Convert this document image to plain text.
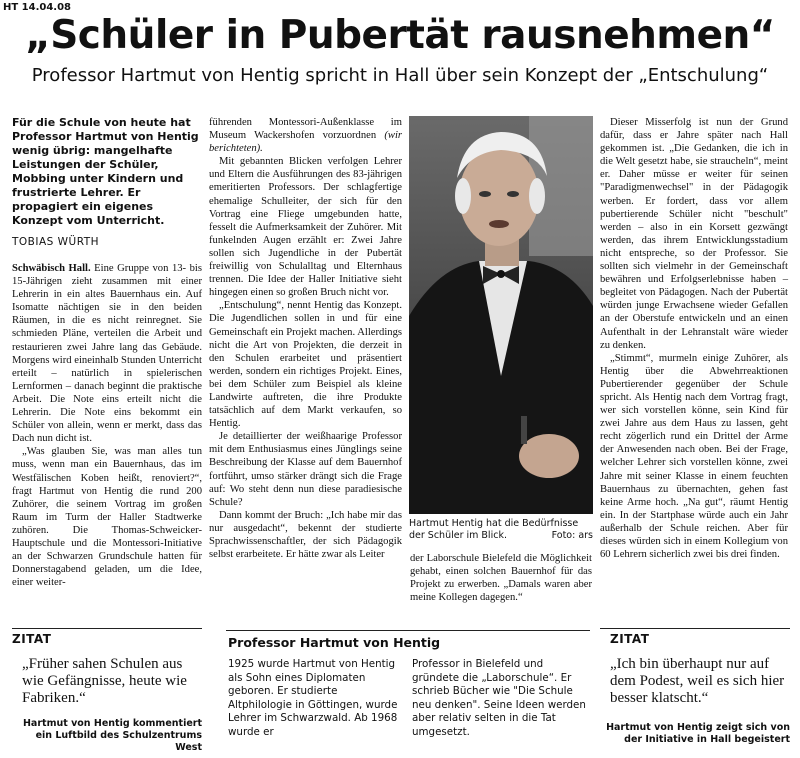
HT 14.04.08
„Schüler in Pubertät rausnehmen“
Professor Hartmut von Hentig spricht in Hall über sein Konzept der „Entschulung“
Für die Schule von heute hat Professor Hartmut von Hentig wenig übrig: mangelhafte Leistungen der Schüler, Mobbing unter Kindern und frustrierte Lehrer. Er propagiert ein eigenes Konzept vom Unterricht.
TOBIAS WÜRTH

Schwäbisch Hall. Eine Gruppe von 13- bis 15-Jährigen zieht zusammen mit einer Lehrerin in ein altes Bauernhaus ein. Auf Isomatte nächtigen sie in den beiden Räumen, in die es nicht reinregnet. Sie schmieden Pläne, verteilen die Arbeit und restaurieren zwei Jahre lang das Gebäude. Morgens wird eineinhalb Stunden Unterricht erteilt – natürlich in spielerischen Lernformen – danach beginnt die praktische Arbeit. Die Note eins erteilt nicht die Lehrerin. Die Note eins bekommt ein Schüler von allein, wenn er merkt, dass das Dach nun dicht ist.

„Was glauben Sie, was man alles tun muss, wenn man ein Bauernhaus, das im Westfälischen Koben heißt, renoviert?“, fragt Hartmut von Hentig die rund 200 Zuhörer, die seinem Vortrag im großen Raum im Turm der Haller Stadtwerke zuhören. Die Thomas-Schweicker-Hauptschule und die Montessori-Initiative an der Schwarzen Grundschule hatten für Donnerstagabend geladen, um die Idee, einer weiter-

führenden Montessori-Außenklasse im Museum Wackershofen vorzuordnen (wir berichteten).

Mit gebannten Blicken verfolgen Lehrer und Eltern die Ausführungen des 83-jährigen emeritierten Professors. Der schlagfertige ehemalige Schulleiter, der sich für den Vortrag eine Fliege umgebunden hatte, fesselt die Aufmerksamkeit der Zuhörer. Mit funkelnden Augen erzählt er: Zwei Jahre sollen sich Jugendliche in der Pubertät freiwillig von Schulalltag und Elternhaus trennen. Die Idee der Haller Initiative sieht hingegen einen so großen Bruch nicht vor.

„Entschulung“, nennt Hentig das Konzept. Die Jugendlichen sollen in und für eine Gemeinschaft ein Projekt machen. Allerdings nicht die Art von Projekten, die derzeit in den Schulen erarbeitet und präsentiert werden, sondern ein richtiges Projekt. Eines, bei dem Schüler zum Beispiel als kleine Landwirte auftreten, die ihre Produkte tatsächlich auf dem Markt verkaufen, so Hentig.

Je detaillierter der weißhaarige Professor mit dem Enthusiasmus eines Jünglings seine Beschreibung der Klasse auf dem Bauernhof fortführt, umso stärker drängt sich die Frage auf: Wo steht denn nun diese paradiesische Schule?

Dann kommt der Bruch: „Ich habe mir das nur ausgedacht“, bekennt der studierte Sprachwissenschaftler, der sich Pädagogik selbst erarbeitete. Er hätte zwar als Leiter

Hartmut Hentig hat die Bedürfnisse der Schüler im Blick.	Foto: ars

der Laborschule Bielefeld die Möglichkeit gehabt, einen solchen Bauernhof für das Projekt zu erwerben. „Damals waren aber meine Kollegen dagegen.“

Dieser Misserfolg ist nun der Grund dafür, dass er Jahre später nach Hall gekommen ist. „Die Gedanken, die ich in die Welt gesetzt habe, sie straucheln“, meint er. Daher müsse er weiter für seinen "Paradigmenwechsel" in der Pädagogik werben. Er fordert, dass vor allem pubertierende Schüler nicht "beschult" werden – also in ein Korsett gezwängt werden, das ihrem Entwicklungsstadium nicht entspreche, so der Professor. Sie sollten sich vielmehr in der Gemeinschaft bewähren und Erfolgserlebnisse haben – begleitet von Pädagogen. Nach der Pubertät würden junge Erwachsene wieder Gefallen an der Oberstufe entwickeln und an einen Aufenthalt in der Lehranstalt wäre wieder zu denken.

„Stimmt“, murmeln einige Zuhörer, als Hentig über die Abwehrreaktionen Pubertierender gegenüber der Schule spricht. Als Hentig nach dem Vortrag fragt, wer sich vorstellen könne, sein Kind für zwei Jahre aus dem Haus zu lassen, geht recht zögerlich rund ein Drittel der Arme der Anwesenden nach oben. Bei der Frage, welcher Lehrer sich vorstellen könne, zwei Jahre mit seiner Klasse in einem feuchten Bauernhaus zu übernachten, gehen fast keine Arme hoch. „Na gut“, räumt Hentig ein. In der Startphase würde auch ein Jahr außerhalb der Schule reichen. Aber für dieses würden sich in einem Kollegium von 60 Lehrern sicherlich zwei bis drei finden.

ZITAT
„Früher sahen Schulen aus wie Gefängnisse, heute wie Fabriken.“
Hartmut von Hentig kommentiert ein Luftbild des Schulzentrums West
Professor Hartmut von Hentig
1925 wurde Hartmut von Hentig als Sohn eines Diplomaten geboren. Er studierte Altphilologie in Göttingen, wurde Lehrer im Schwarzwald. Ab 1968 wurde er
Professor in Bielefeld und gründete die „Laborschule“. Er schrieb Bücher wie "Die Schule neu denken". Seine Ideen werden aber relativ selten in die Tat umgesetzt.
ZITAT
„Ich bin überhaupt nur auf dem Podest, weil es sich hier besser klatscht.“
Hartmut von Hentig zeigt sich von der Initiative in Hall begeistert
